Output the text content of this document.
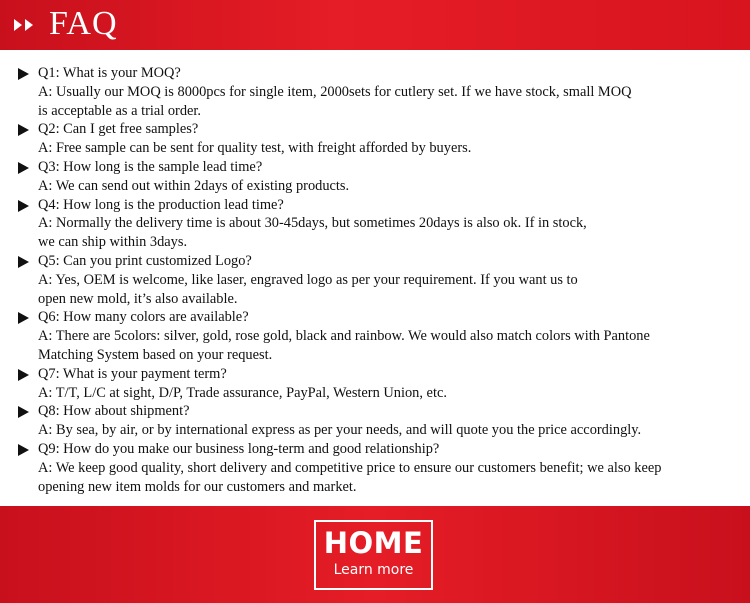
FAQ
Q1: What is your MOQ?
A: Usually our MOQ is 8000pcs for single item, 2000sets for cutlery set. If we have stock, small MOQ
is acceptable as a trial order.
Q2: Can I get free samples?
A: Free sample can be sent for quality test, with freight afforded by buyers.
Q3: How long is the sample lead time?
A: We can send out within 2days of existing products.
Q4: How long is the production lead time?
A: Normally the delivery time is about 30-45days, but sometimes 20days is also ok. If in stock,
we can ship within 3days.
Q5: Can you print customized Logo?
A: Yes, OEM is welcome, like laser, engraved logo as per your requirement. If you want us to
open new mold, it’s also available.
Q6: How many colors are available?
A: There are 5colors: silver, gold, rose gold, black and rainbow. We would also match colors with Pantone
Matching System based on your request.
Q7: What is your payment term?
A: T/T, L/C at sight, D/P, Trade assurance, PayPal, Western Union, etc.
Q8: How about shipment?
A: By sea, by air, or by international express as per your needs, and will quote you the price accordingly.
Q9: How do you make our business long-term and good relationship?
A: We keep good quality, short delivery and competitive price to ensure our customers benefit; we also keep
opening new item molds for our customers and market.
HOME
Learn more
